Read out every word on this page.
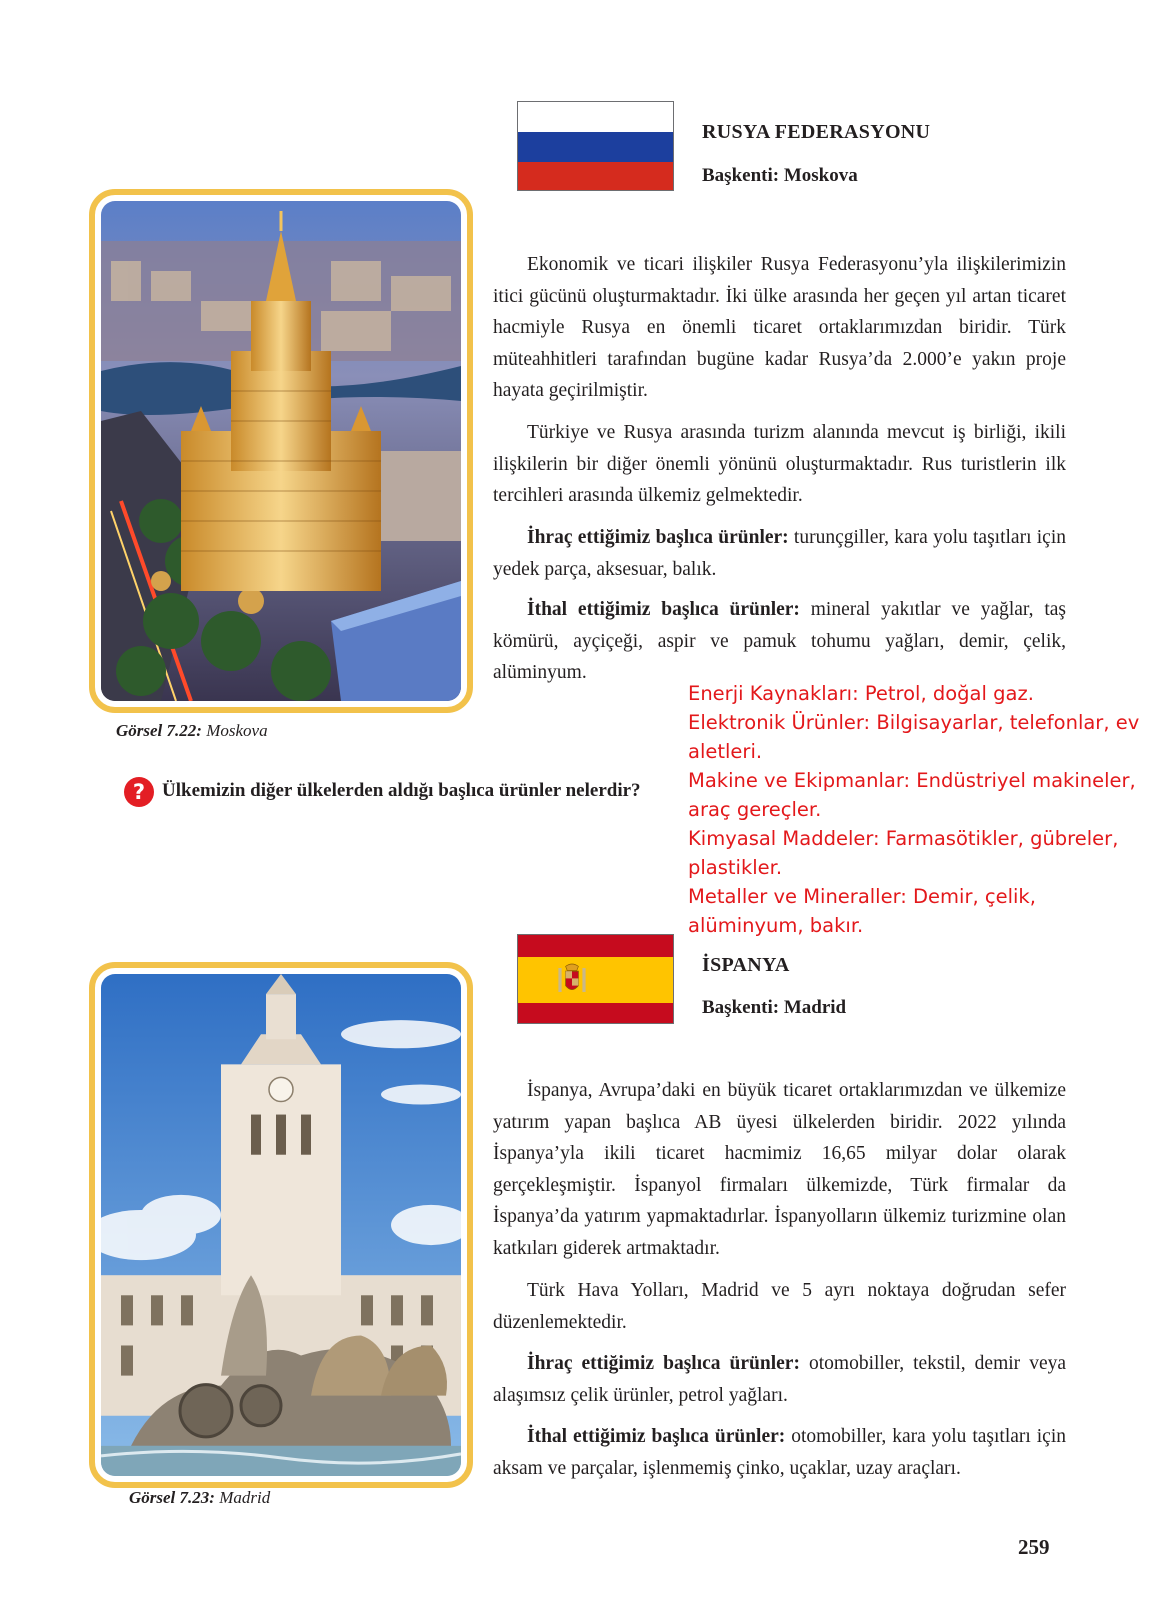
RUSYA FEDERASYONU
Başkenti: Moskova
Görsel 7.22: Moskova

Ekonomik ve ticari ilişkiler Rusya Federasyonu’yla ilişkilerimizin itici gücünü oluşturmaktadır. İki ülke arasında her geçen yıl artan ticaret hacmiyle Rusya en önemli ticaret ortaklarımızdan biridir. Türk müteahhitleri tarafından bugüne kadar Rusya’da 2.000’e yakın proje hayata geçirilmiştir.

Türkiye ve Rusya arasında turizm alanında mevcut iş birliği, ikili ilişkilerin bir diğer önemli yönünü oluşturmaktadır. Rus turistlerin ilk tercihleri arasında ülkemiz gelmektedir.

İhraç ettiğimiz başlıca ürünler: turunçgiller, kara yolu taşıtları için yedek parça, aksesuar, balık.

İthal ettiğimiz başlıca ürünler: mineral yakıtlar ve yağlar, taş kömürü, ayçiçeği, aspir ve pamuk tohumu yağları, demir, çelik, alüminyum.

? Ülkemizin diğer ülkelerden aldığı başlıca ürünler nelerdir?
Enerji Kaynakları: Petrol, doğal gaz.
Elektronik Ürünler: Bilgisayarlar, telefonlar, ev aletleri.
Makine ve Ekipmanlar: Endüstriyel makineler, araç gereçler.
Kimyasal Maddeler: Farmasötikler, gübreler, plastikler.
Metaller ve Mineraller: Demir, çelik, alüminyum, bakır.
İSPANYA
Başkenti: Madrid
Görsel 7.23: Madrid

İspanya, Avrupa’daki en büyük ticaret ortaklarımızdan ve ülkemize yatırım yapan başlıca AB üyesi ülkelerden biridir. 2022 yılında İspanya’yla ikili ticaret hacmimiz 16,65 milyar dolar olarak gerçekleşmiştir. İspanyol firmaları ülkemizde, Türk firmalar da İspanya’da yatırım yapmaktadırlar. İspanyolların ülkemiz turizmine olan katkıları giderek artmaktadır.

Türk Hava Yolları, Madrid ve 5 ayrı noktaya doğrudan sefer düzenlemektedir.

İhraç ettiğimiz başlıca ürünler: otomobiller, tekstil, demir veya alaşımsız çelik ürünler, petrol yağları.

İthal ettiğimiz başlıca ürünler: otomobiller, kara yolu taşıtları için aksam ve parçalar, işlenmemiş çinko, uçaklar, uzay araçları.

259
